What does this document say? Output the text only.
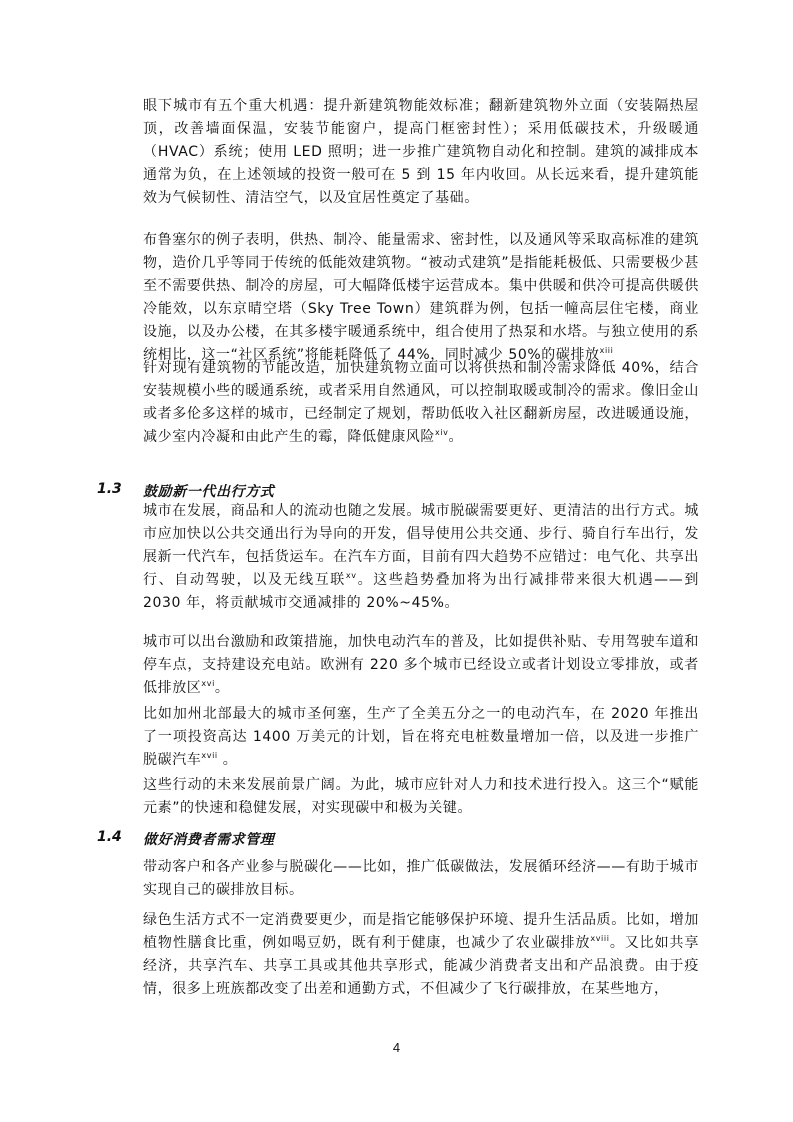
眼下城市有五个重大机遇：提升新建筑物能效标准；翻新建筑物外立面（安装隔热屋顶，改善墙面保温，安装节能窗户，提高门框密封性）；采用低碳技术，升级暖通（HVAC）系统；使用 LED 照明；进一步推广建筑物自动化和控制。建筑的减排成本通常为负，在上述领域的投资一般可在 5 到 15 年内收回。从长远来看，提升建筑能效为气候韧性、清洁空气，以及宜居性奠定了基础。

布鲁塞尔的例子表明，供热、制冷、能量需求、密封性，以及通风等采取高标准的建筑物，造价几乎等同于传统的低能效建筑物。“被动式建筑”是指能耗极低、只需要极少甚至不需要供热、制冷的房屋，可大幅降低楼宇运营成本。集中供暖和供冷可提高供暖供冷能效，以东京晴空塔（Sky Tree Town）建筑群为例，包括一幢高层住宅楼，商业设施，以及办公楼，在其多楼宇暖通系统中，组合使用了热泵和水塔。与独立使用的系统相比，这一“社区系统”将能耗降低了 44%，同时减少 50%的碳排放$^{xiii}$

针对现有建筑物的节能改造，加快建筑物立面可以将供热和制冷需求降低 40%，结合安装规模小些的暖通系统，或者采用自然通风，可以控制取暖或制冷的需求。像旧金山或者多伦多这样的城市，已经制定了规划，帮助低收入社区翻新房屋，改进暖通设施，减少室内冷凝和由此产生的霉，降低健康风险$^{xiv}$。

1.3 鼓励新一代出行方式

城市在发展，商品和人的流动也随之发展。城市脱碳需要更好、更清洁的出行方式。城市应加快以公共交通出行为导向的开发，倡导使用公共交通、步行、骑自行车出行，发展新一代汽车，包括货运车。在汽车方面，目前有四大趋势不应错过：电气化、共享出行、自动驾驶，以及无线互联$^{xv}$。这些趋势叠加将为出行减排带来很大机遇——到 2030 年，将贡献城市交通减排的 20%~45%。

城市可以出台激励和政策措施，加快电动汽车的普及，比如提供补贴、专用驾驶车道和停车点，支持建设充电站。欧洲有 220 多个城市已经设立或者计划设立零排放，或者低排放区$^{xvi}$。

比如加州北部最大的城市圣何塞，生产了全美五分之一的电动汽车，在 2020 年推出了一项投资高达 1400 万美元的计划，旨在将充电桩数量增加一倍，以及进一步推广脱碳汽车$^{xvii}$ 。

这些行动的未来发展前景广阔。为此，城市应针对人力和技术进行投入。这三个“赋能元素”的快速和稳健发展，对实现碳中和极为关键。

1.4 做好消费者需求管理

带动客户和各产业参与脱碳化——比如，推广低碳做法，发展循环经济——有助于城市实现自己的碳排放目标。

绿色生活方式不一定消费要更少，而是指它能够保护环境、提升生活品质。比如，增加植物性膳食比重，例如喝豆奶，既有利于健康，也减少了农业碳排放$^{xviii}$。又比如共享经济，共享汽车、共享工具或其他共享形式，能减少消费者支出和产品浪费。由于疫情，很多上班族都改变了出差和通勤方式，不但减少了飞行碳排放，在某些地方，

4
